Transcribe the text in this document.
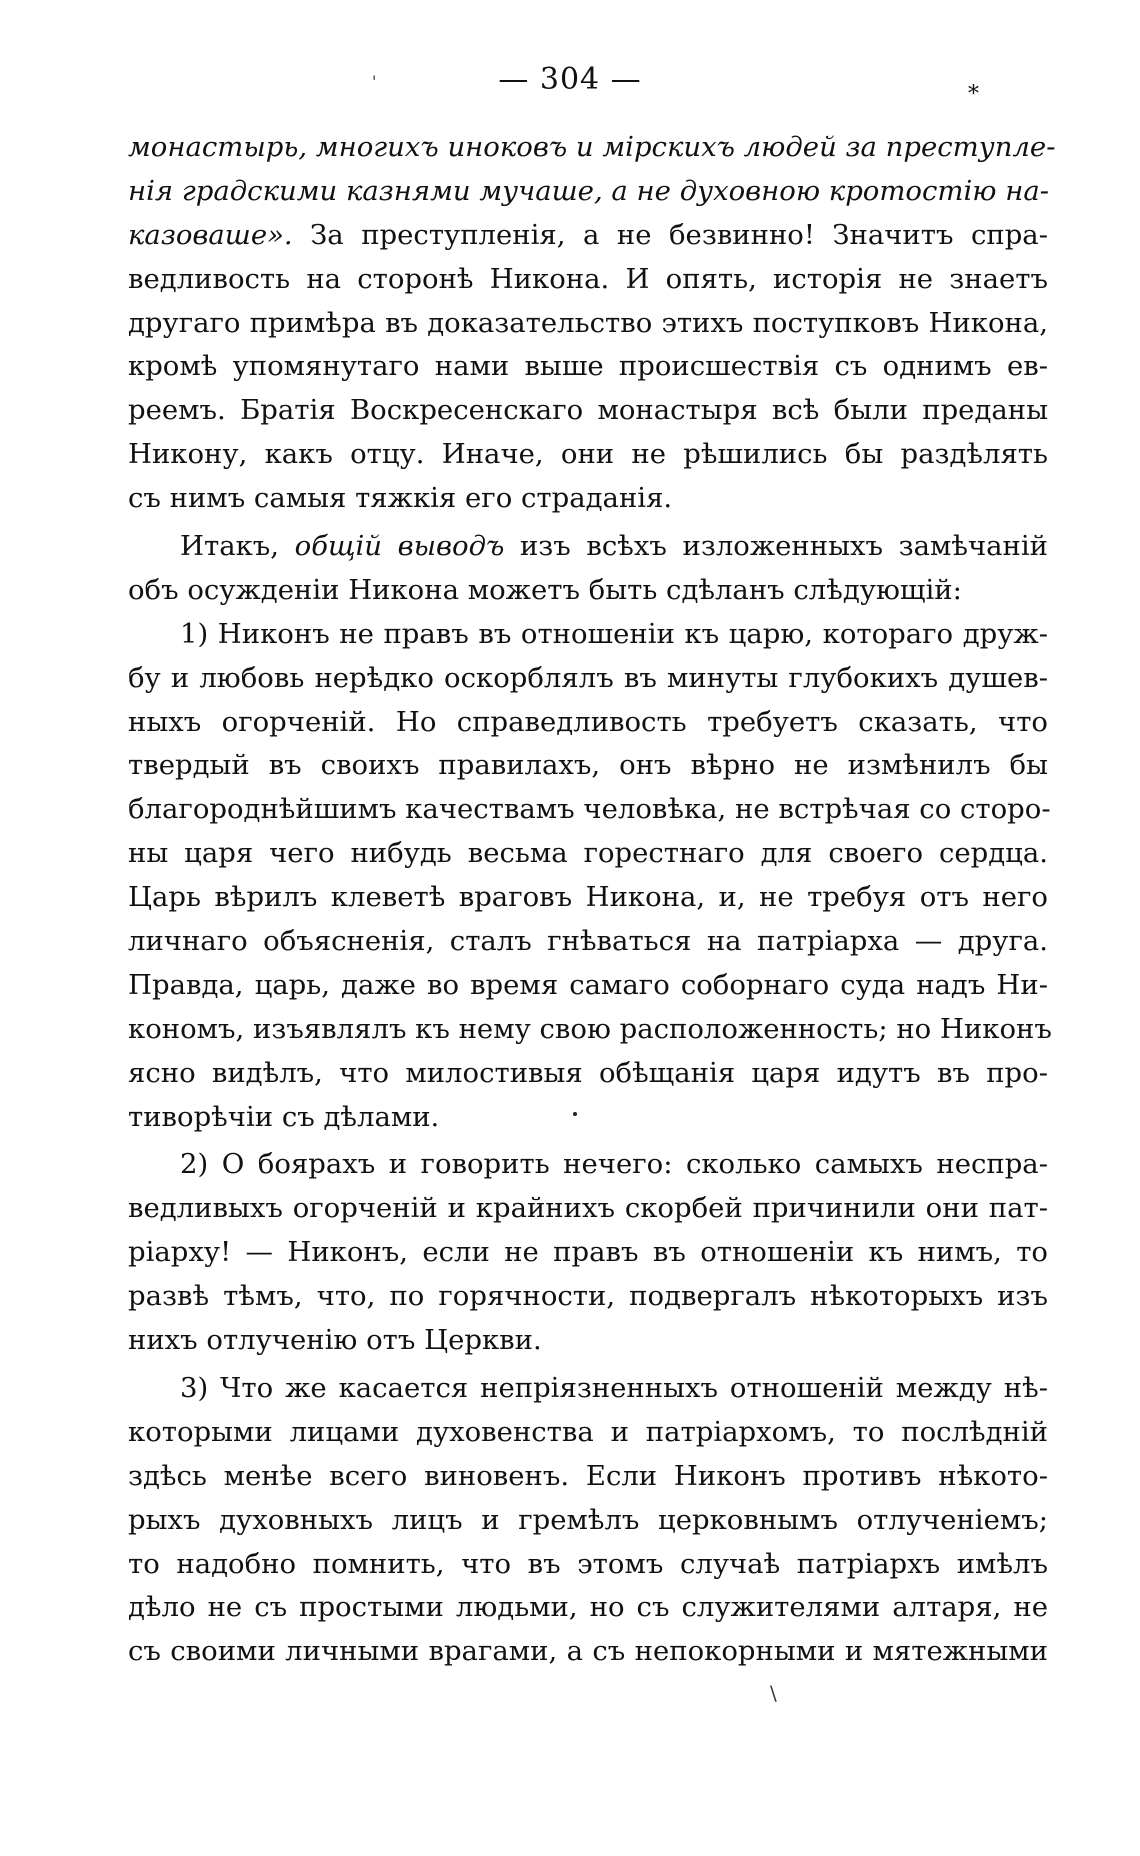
— 304 —	*
'
\
монастырь, многихъ иноковъ и мірскихъ людей за преступле-
нія градскими казнями мучаше, а не духовною кротостію на-
казоваше». За преступленія, а не безвинно! Значитъ спра-
ведливость на сторонѣ Никона. И опять, исторія не знаетъ
другаго примѣра въ доказательство этихъ поступковъ Никона,
кромѣ упомянутаго нами выше происшествія съ однимъ ев-
реемъ. Братія Воскресенскаго монастыря всѣ были преданы
Никону, какъ отцу. Иначе, они не рѣшились бы раздѣлять
съ нимъ самыя тяжкія его страданія.
Итакъ, общій выводъ изъ всѣхъ изложенныхъ замѣчаній
объ осужденіи Никона можетъ быть сдѣланъ слѣдующій:
1) Никонъ не правъ въ отношеніи къ царю, котораго друж-
бу и любовь нерѣдко оскорблялъ въ минуты глубокихъ душев-
ныхъ огорченій. Но справедливость требуетъ сказать, что
твердый въ своихъ правилахъ, онъ вѣрно не измѣнилъ бы
благороднѣйшимъ качествамъ человѣка, не встрѣчая со сторо-
ны царя чего нибудь весьма горестнаго для своего сердца.
Царь вѣрилъ клеветѣ враговъ Никона, и, не требуя отъ него
личнаго объясненія, сталъ гнѣваться на патріарха — друга.
Правда, царь, даже во время самаго соборнаго суда надъ Ни-
кономъ, изъявлялъ къ нему свою расположенность; но Никонъ
ясно видѣлъ, что милостивыя обѣщанія царя идутъ въ про-
тиворѣчіи съ дѣлами.
2) О боярахъ и говорить нечего: сколько самыхъ неспра-
ведливыхъ огорченій и крайнихъ скорбей причинили они пат-
ріарху! — Никонъ, если не правъ въ отношеніи къ нимъ, то
развѣ тѣмъ, что, по горячности, подвергалъ нѣкоторыхъ изъ
нихъ отлученію отъ Церкви.
3) Что же касается непріязненныхъ отношеній между нѣ-
которыми лицами духовенства и патріархомъ, то послѣдній
здѣсь менѣе всего виновенъ. Если Никонъ противъ нѣкото-
рыхъ духовныхъ лицъ и гремѣлъ церковнымъ отлученіемъ;
то надобно помнить, что въ этомъ случаѣ патріархъ имѣлъ
дѣло не съ простыми людьми, но съ служителями алтаря, не
съ своими личными врагами, а съ непокорными и мятежными
